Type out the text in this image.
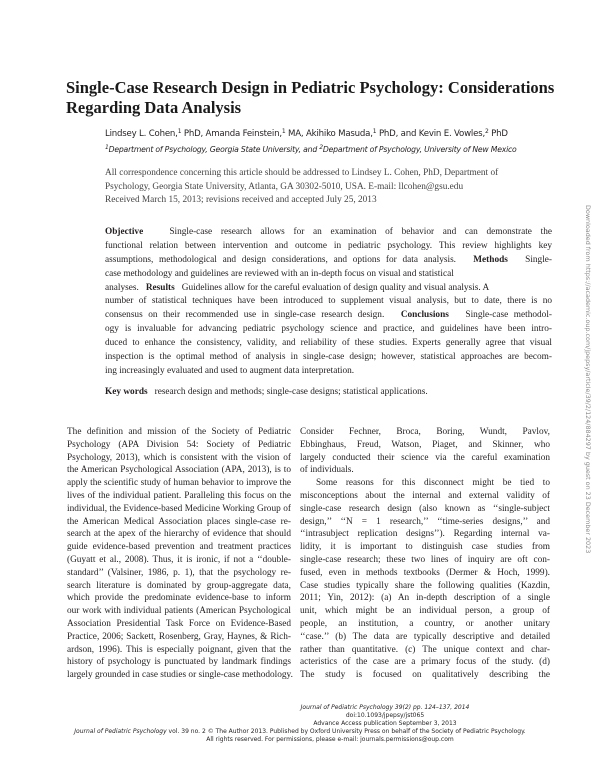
Single-Case Research Design in Pediatric Psychology: Considerations
Regarding Data Analysis
Lindsey L. Cohen,$^1$ PhD, Amanda Feinstein,$^1$ MA, Akihiko Masuda,$^1$ PhD, and Kevin E. Vowles,$^2$ PhD
$^1$Department of Psychology, Georgia State University, and $^2$Department of Psychology, University of New Mexico
All correspondence concerning this article should be addressed to Lindsey L. Cohen, PhD, Department of
Psychology, Georgia State University, Atlanta, GA 30302-5010, USA. E-mail: llcohen@gsu.edu
Received March 15, 2013; revisions received and accepted July 25, 2013
Objective	Single-case research allows for an examination of behavior and can demonstrate the
functional relation between intervention and outcome in pediatric psychology. This review highlights key
assumptions, methodological and design considerations, and options for data analysis. Methods Single-
case methodology and guidelines are reviewed with an in-depth focus on visual and statistical
analyses. Results Guidelines allow for the careful evaluation of design quality and visual analysis. A
number of statistical techniques have been introduced to supplement visual analysis, but to date, there is no
consensus on their recommended use in single-case research design. Conclusions Single-case methodol-
ogy is invaluable for advancing pediatric psychology science and practice, and guidelines have been intro-
duced to enhance the consistency, validity, and reliability of these studies. Experts generally agree that visual
inspection is the optimal method of analysis in single-case design; however, statistical approaches are becom-
ing increasingly evaluated and used to augment data interpretation.
Key words research design and methods; single-case designs; statistical applications.
The definition and mission of the Society of Pediatric
Psychology (APA Division 54: Society of Pediatric
Psychology, 2013), which is consistent with the vision of
the American Psychological Association (APA, 2013), is to
apply the scientific study of human behavior to improve the
lives of the individual patient. Paralleling this focus on the
individual, the Evidence-based Medicine Working Group of
the American Medical Association places single-case re-
search at the apex of the hierarchy of evidence that should
guide evidence-based prevention and treatment practices
(Guyatt et al., 2008). Thus, it is ironic, if not a ‘‘double-
standard’’ (Valsiner, 1986, p. 1), that the psychology re-
search literature is dominated by group-aggregate data,
which provide the predominate evidence-base to inform
our work with individual patients (American Psychological
Association Presidential Task Force on Evidence-Based
Practice, 2006; Sackett, Rosenberg, Gray, Haynes, & Rich-
ardson, 1996). This is especially poignant, given that the
history of psychology is punctuated by landmark findings
largely grounded in case studies or single-case methodology.
Consider Fechner, Broca, Boring, Wundt, Pavlov,
Ebbinghaus, Freud, Watson, Piaget, and Skinner, who
largely conducted their science via the careful examination
of individuals.
Some reasons for this disconnect might be tied to
misconceptions about the internal and external validity of
single-case research design (also known as ‘‘single-subject
design,’’ ‘‘N = 1 research,’’ ‘‘time-series designs,’’ and
‘‘intrasubject replication designs’’). Regarding internal va-
lidity, it is important to distinguish case studies from
single-case research; these two lines of inquiry are oft con-
fused, even in methods textbooks (Dermer & Hoch, 1999).
Case studies typically share the following qualities (Kazdin,
2011; Yin, 2012): (a) An in-depth description of a single
unit, which might be an individual person, a group of
people, an institution, a country, or another unitary
‘‘case.’’ (b) The data are typically descriptive and detailed
rather than quantitative. (c) The unique context and char-
acteristics of the case are a primary focus of the study. (d)
The study is focused on qualitatively describing the
Journal of Pediatric Psychology 39(2) pp. 124–137, 2014
doi:10.1093/jpepsy/jst065
Advance Access publication September 3, 2013
Journal of Pediatric Psychology vol. 39 no. 2 © The Author 2013. Published by Oxford University Press on behalf of the Society of Pediatric Psychology.
All rights reserved. For permissions, please e-mail: journals.permissions@oup.com
Downloaded from https://academic.oup.com/jpepsy/article/39/2/124/884297 by guest on 23 December 2023
